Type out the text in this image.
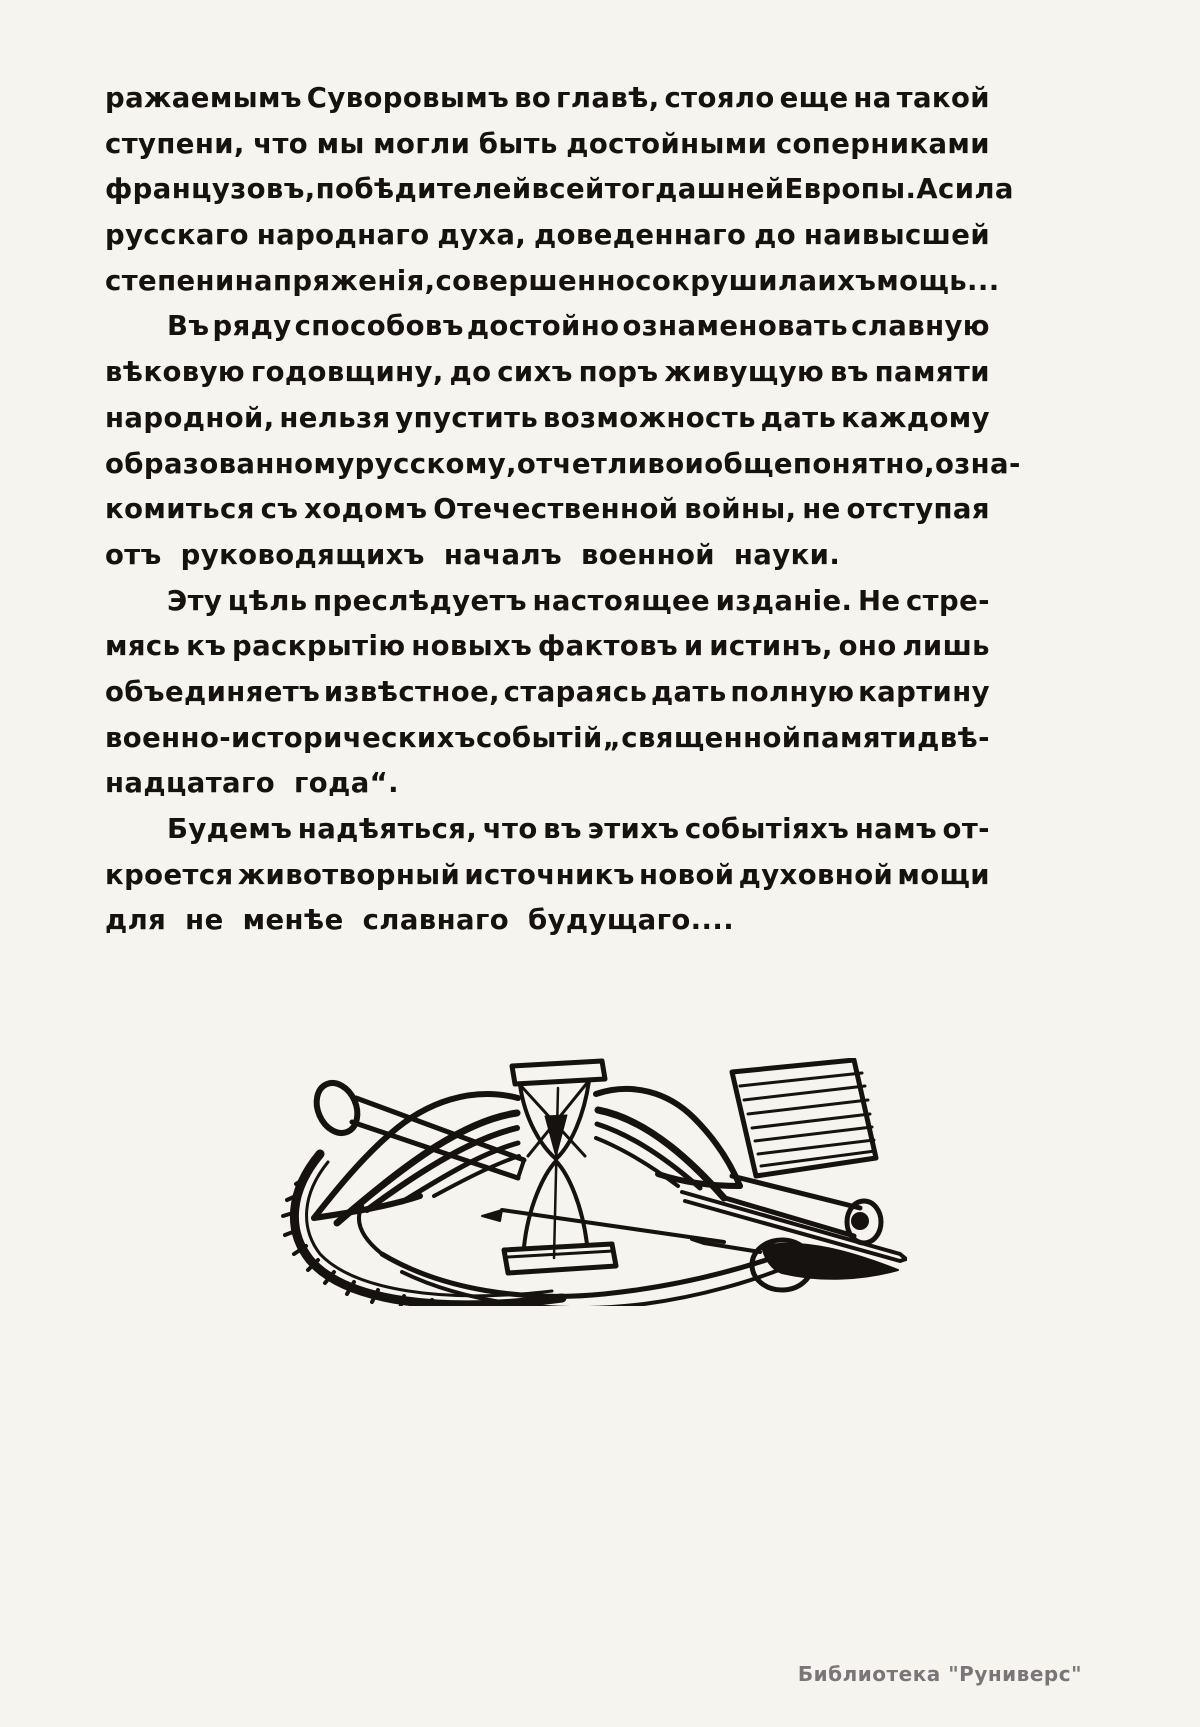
ражаемымъ Суворовымъ во главѣ, стояло еще на такой
ступени, что мы могли быть достойными соперниками
французовъ, побѣдителей всей тогдашней Европы. А сила
русскаго народнаго духа, доведеннаго до наивысшей
степени напряженія, совершенно сокрушила ихъ мощь...
Въ ряду способовъ достойно ознаменовать славную
вѣковую годовщину, до сихъ поръ живущую въ памяти
народной, нельзя упустить возможность дать каждому
образованному русскому, отчетливо и общепонятно, озна-
комиться съ ходомъ Отечественной войны, не отступая
отъ руководящихъ началъ военной науки.
Эту цѣль преслѣдуетъ настоящее изданіе. Не стре-
мясь къ раскрытію новыхъ фактовъ и истинъ, оно лишь
объединяетъ извѣстное, стараясь дать полную картину
военно-историческихъ событій „священной памяти двѣ-
надцатаго года“.
Будемъ надѣяться, что въ этихъ событіяхъ намъ от-
кроется животворный источникъ новой духовной мощи
для не менѣе славнаго будущаго....
Библиотека "Руниверс"
